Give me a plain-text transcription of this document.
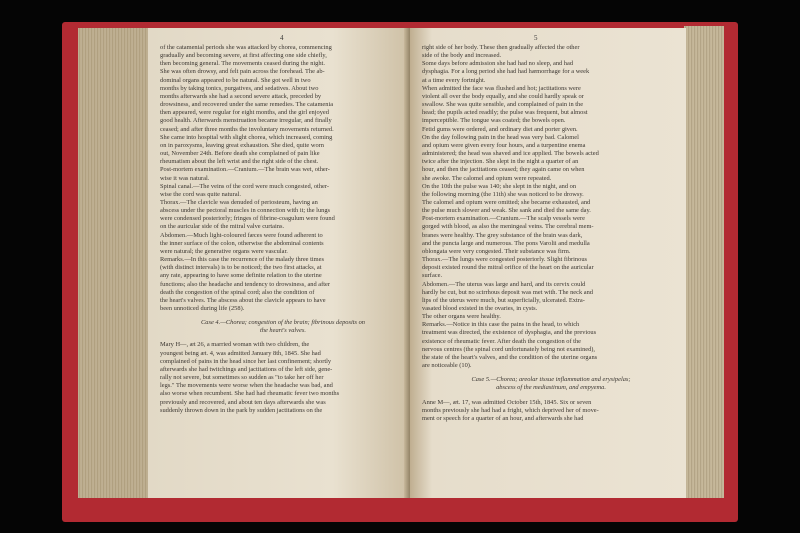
4
of the catamenial periods she was attacked by chorea, commencing
gradually and becoming severe, at first affecting one side chiefly,
then becoming general. The movements ceased during the night.
She was often drowsy, and felt pain across the forehead. The ab-
dominal organs appeared to be natural. She got well in two
months by taking tonics, purgatives, and sedatives. About two
months afterwards she had a second severe attack, preceded by
drowsiness, and recovered under the same remedies. The catamenia
then appeared, were regular for eight months, and the girl enjoyed
good health. Afterwards menstruation became irregular, and finally
ceased; and after three months the involuntary movements returned.
She came into hospital with slight chorea, which increased, coming
on in paroxysms, leaving great exhaustion. She died, quite worn
out, November 24th. Before death she complained of pain like
rheumatism about the left wrist and the right side of the chest.
Post-mortem examination.—Cranium.—The brain was wet, other-
wise it was natural.
Spinal canal.—The veins of the cord were much congested, other-
wise the cord was quite natural.
Thorax.—The clavicle was denuded of periosteum, having an
abscess under the pectoral muscles in connection with it; the lungs
were condensed posteriorly; fringes of fibrine-coagulum were found
on the auricular side of the mitral valve curtains.
Abdomen.—Much light-coloured fæces were found adherent to
the inner surface of the colon, otherwise the abdominal contents
were natural; the generative organs were vascular.
Remarks.—In this case the recurrence of the malady three times
(with distinct intervals) is to be noticed; the two first attacks, at
any rate, appearing to have some definite relation to the uterine
functions; also the headache and tendency to drowsiness, and after
death the congestion of the spinal cord; also the condition of
the heart's valves. The abscess about the clavicle appears to have
been unnoticed during life (258).
Case 4.—Chorea; congestion of the brain; fibrinous deposits on
the heart's valves.
Mary H—, æt 26, a married woman with two children, the
youngest being æt. 4, was admitted January 8th, 1845. She had
complained of pains in the head since her last confinement; shortly
afterwards she had twitchings and jactitations of the left side, gene-
rally not severe, but sometimes so sudden as "to take her off her
legs." The movements were worse when the headache was bad, and
also worse when recumbent. She had had rheumatic fever two months
previously and recovered, and about ten days afterwards she was
suddenly thrown down in the park by sudden jactitations on the
5
right side of her body. These then gradually affected the other
side of the body and increased.
Some days before admission she had had no sleep, and had
dysphagia. For a long period she had had hæmorrhage for a week
at a time every fortnight.
When admitted the face was flushed and hot; jactitations were
violent all over the body equally, and she could hardly speak or
swallow. She was quite sensible, and complained of pain in the
head; the pupils acted readily; the pulse was frequent, but almost
imperceptible. The tongue was coated; the bowels open.
Fetid gums were ordered, and ordinary diet and porter given.
On the day following pain in the head was very bad. Calomel
and opium were given every four hours, and a turpentine enema
administered; the head was shaved and ice applied. The bowels acted
twice after the injection. She slept in the night a quarter of an
hour, and then the jactitations ceased; they again came on when
she awoke. The calomel and opium were repeated.
On the 10th the pulse was 140; she slept in the night, and on
the following morning (the 11th) she was noticed to be drowsy.
The calomel and opium were omitted; she became exhausted, and
the pulse much slower and weak. She sank and died the same day.
Post-mortem examination.—Cranium.—The scalp vessels were
gorged with blood, as also the meningeal veins. The cerebral mem-
branes were healthy. The grey substance of the brain was dark,
and the puncta large and numerous. The pons Varolii and medulla
oblongata were very congested. Their substance was firm.
Thorax.—The lungs were congested posteriorly. Slight fibrinous
deposit existed round the mitral orifice of the heart on the auricular
surface.
Abdomen.—The uterus was large and hard, and its cervix could
hardly be cut, but no scirrhous deposit was met with. The neck and
lips of the uterus were much, but superficially, ulcerated. Extra-
vasated blood existed in the ovaries, in cysts.
The other organs were healthy.
Remarks.—Notice in this case the pains in the head, to which
treatment was directed, the existence of dysphagia, and the previous
existence of rheumatic fever. After death the congestion of the
nervous centres (the spinal cord unfortunately being not examined),
the state of the heart's valves, and the condition of the uterine organs
are noticeable (10).
Case 5.—Chorea; areolar tissue inflammation and erysipelas;
abscess of the mediastinum, and empyema.
Anne M—, æt. 17, was admitted October 15th, 1845. Six or seven
months previously she had had a fright, which deprived her of move-
ment or speech for a quarter of an hour, and afterwards she had
